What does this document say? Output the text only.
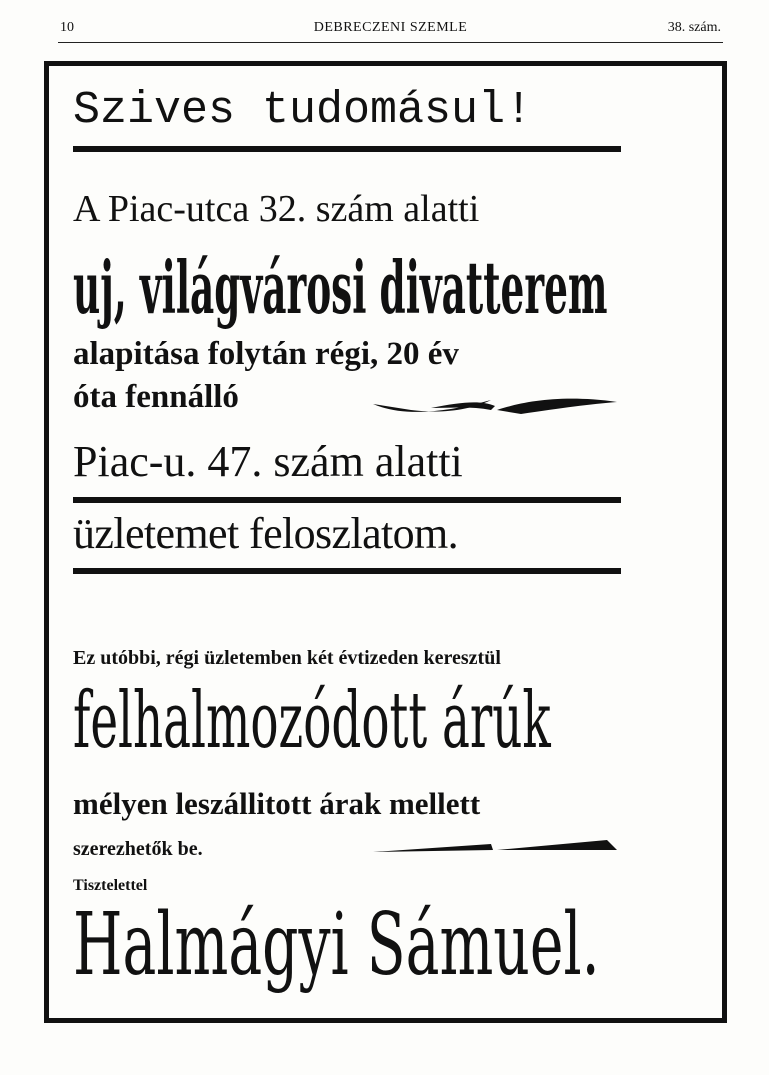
10	DEBRECZENI SZEMLE	38. szám.
Szives tudomásul!
A Piac-utca 32. szám alatti
uj, világvárosi divatterem
alapitása folytán régi, 20 év
óta fennálló
Piac-u. 47. szám alatti
üzletemet feloszlatom.
Ez utóbbi, régi üzletemben két évtizeden keresztül
felhalmozódott árúk
mélyen leszállitott árak mellett
szerezhetők be.
Tisztelettel
Halmágyi Sámuel.
